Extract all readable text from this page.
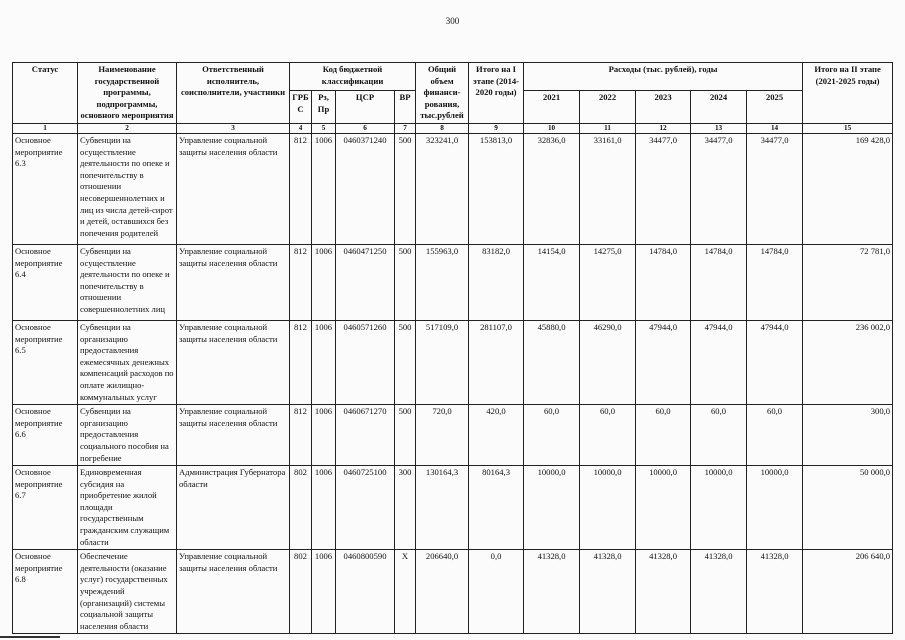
300
Статус	Наименование государственной программы, подпрограммы, основного мероприятия	Ответственный исполнитель, соисполнители, участники	Код бюджетной классификации				Общий объем финанси-рования, тыс.рублей	Итого на I этапе (2014-2020 годы)	Расходы (тыс. рублей), годы					Итого на II этапе (2021-2025 годы)
			ГРБ С	Рз, Пр	ЦСР	ВР			2021	2022	2023	2024	2025	
1	2	3	4	5	6	7	8	9	10	11	12	13	14	15
Основное мероприятие 6.3	Субвенции на осуществление деятельности по опеке и попечительству в отношении несовершеннолетних и лиц из числа детей-сирот и детей, оставшихся без попечения родителей	Управление социальной защиты населения области	812	1006	0460371240	500	323241,0	153813,0	32836,0	33161,0	34477,0	34477,0	34477,0	169 428,0
Основное мероприятие 6.4	Субвенции на осуществление деятельности по опеке и попечительству в отношении совершеннолетних лиц	Управление социальной защиты населения области	812	1006	0460471250	500	155963,0	83182,0	14154,0	14275,0	14784,0	14784,0	14784,0	72 781,0
Основное мероприятие 6.5	Субвенции на организацию предоставления ежемесячных денежных компенсаций расходов по оплате жилищно-коммунальных услуг	Управление социальной защиты населения области	812	1006	0460571260	500	517109,0	281107,0	45880,0	46290,0	47944,0	47944,0	47944,0	236 002,0
Основное мероприятие 6.6	Субвенции на организацию предоставления социального пособия на погребение	Управление социальной защиты населения области	812	1006	0460671270	500	720,0	420,0	60,0	60,0	60,0	60,0	60,0	300,0
Основное мероприятие 6.7	Единовременная субсидия на приобретение жилой площади государственным гражданским служащим области	Администрация Губернатора области	802	1006	0460725100	300	130164,3	80164,3	10000,0	10000,0	10000,0	10000,0	10000,0	50 000,0
Основное мероприятие 6.8	Обеспечение деятельности (оказание услуг) государственных учреждений (организаций) системы социальной защиты населения области	Управление социальной защиты населения области	802	1006	0460800590	Х	206640,0	0,0	41328,0	41328,0	41328,0	41328,0	41328,0	206 640,0
